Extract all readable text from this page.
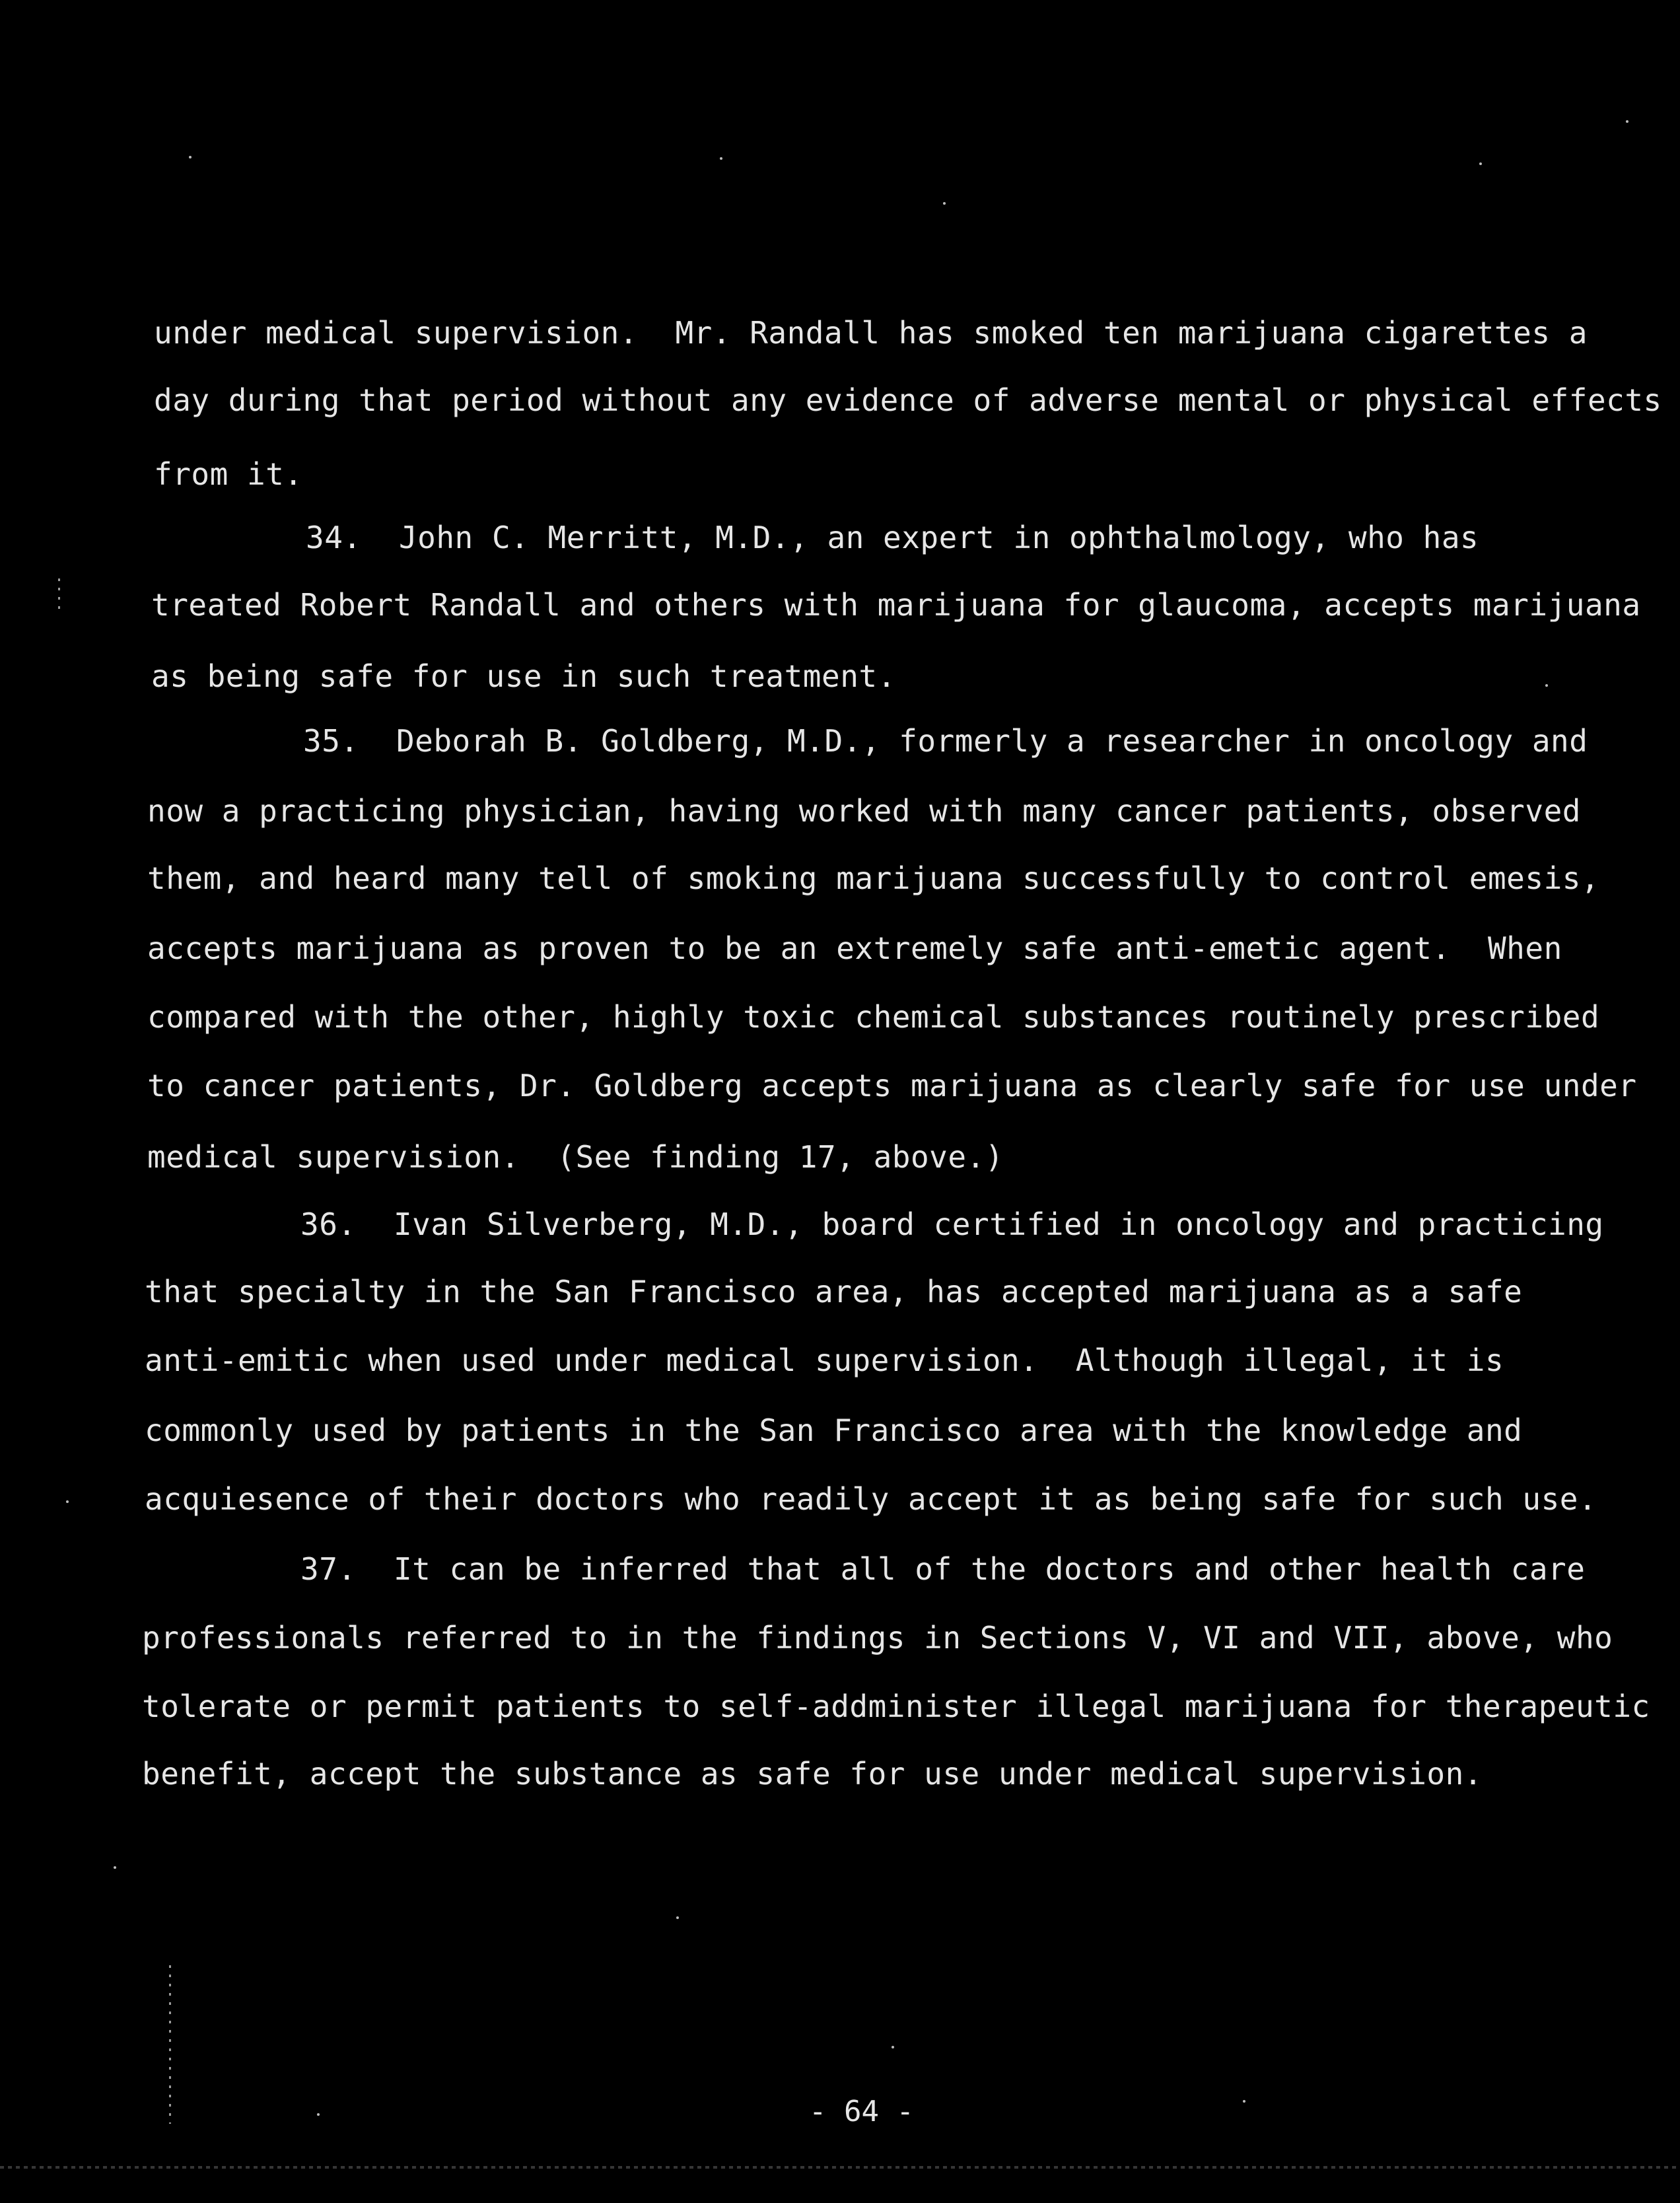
under medical supervision.  Mr. Randall has smoked ten marijuana cigarettes a
day during that period without any evidence of adverse mental or physical effects
from it.
34.  John C. Merritt, M.D., an expert in ophthalmology, who has
treated Robert Randall and others with marijuana for glaucoma, accepts marijuana
as being safe for use in such treatment.
35.  Deborah B. Goldberg, M.D., formerly a researcher in oncology and
now a practicing physician, having worked with many cancer patients, observed
them, and heard many tell of smoking marijuana successfully to control emesis,
accepts marijuana as proven to be an extremely safe anti-emetic agent.  When
compared with the other, highly toxic chemical substances routinely prescribed
to cancer patients, Dr. Goldberg accepts marijuana as clearly safe for use under
medical supervision.  (See finding 17, above.)
36.  Ivan Silverberg, M.D., board certified in oncology and practicing
that specialty in the San Francisco area, has accepted marijuana as a safe
anti-emitic when used under medical supervision.  Although illegal, it is
commonly used by patients in the San Francisco area with the knowledge and
acquiesence of their doctors who readily accept it as being safe for such use.
37.  It can be inferred that all of the doctors and other health care
professionals referred to in the findings in Sections V, VI and VII, above, who
tolerate or permit patients to self-addminister illegal marijuana for therapeutic
benefit, accept the substance as safe for use under medical supervision.
- 64 -
